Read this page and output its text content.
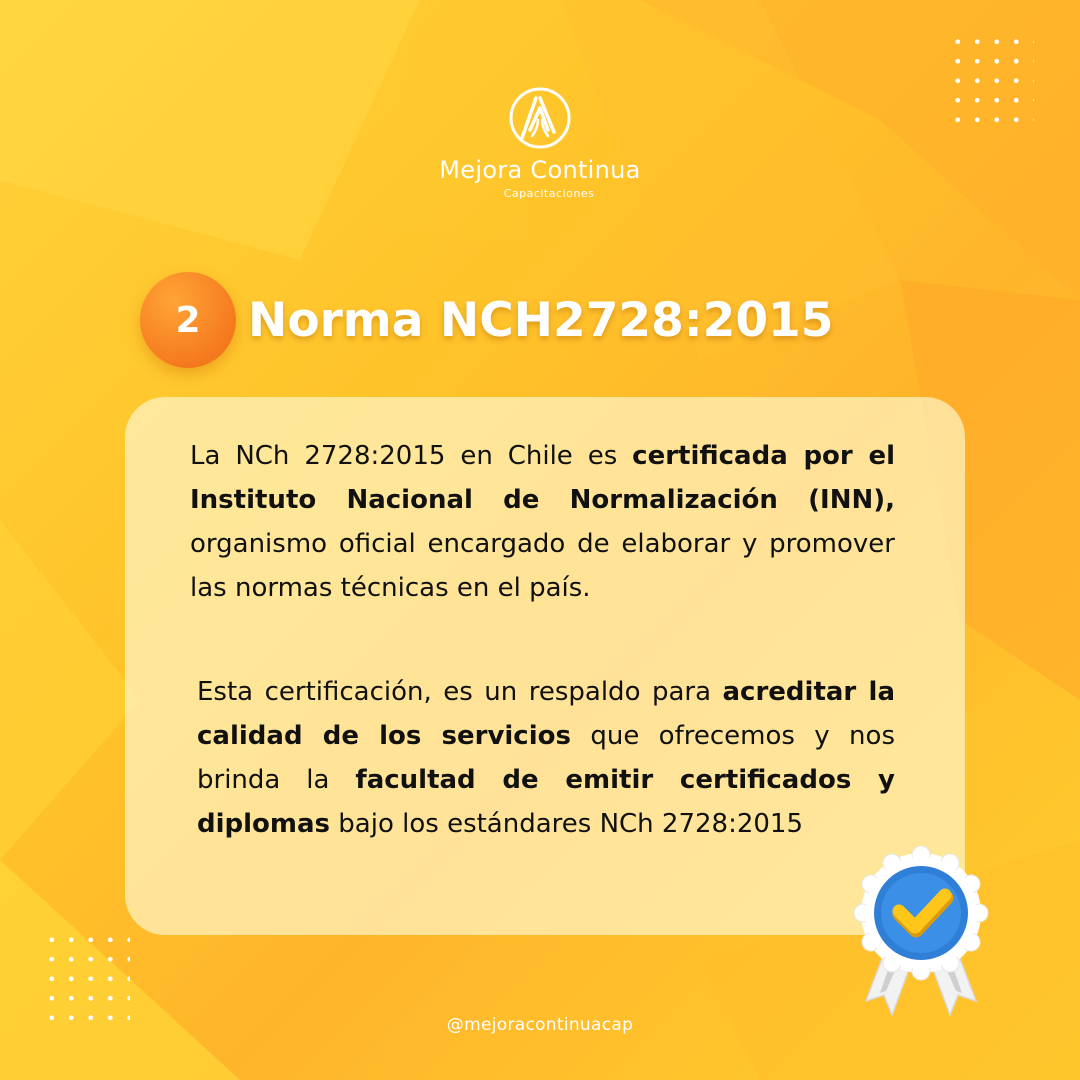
Mejora Continua
Capacitaciones
2	Norma NCH2728:2015

La NCh 2728:2015 en Chile es certificada por el Instituto Nacional de Normalización (INN), organismo oficial encargado de elaborar y promover las normas técnicas en el país.

Esta certificación, es un respaldo para acreditar la calidad de los servicios que ofrecemos y nos brinda la facultad de emitir certificados y diplomas bajo los estándares NCh 2728:2015

@mejoracontinuacap
